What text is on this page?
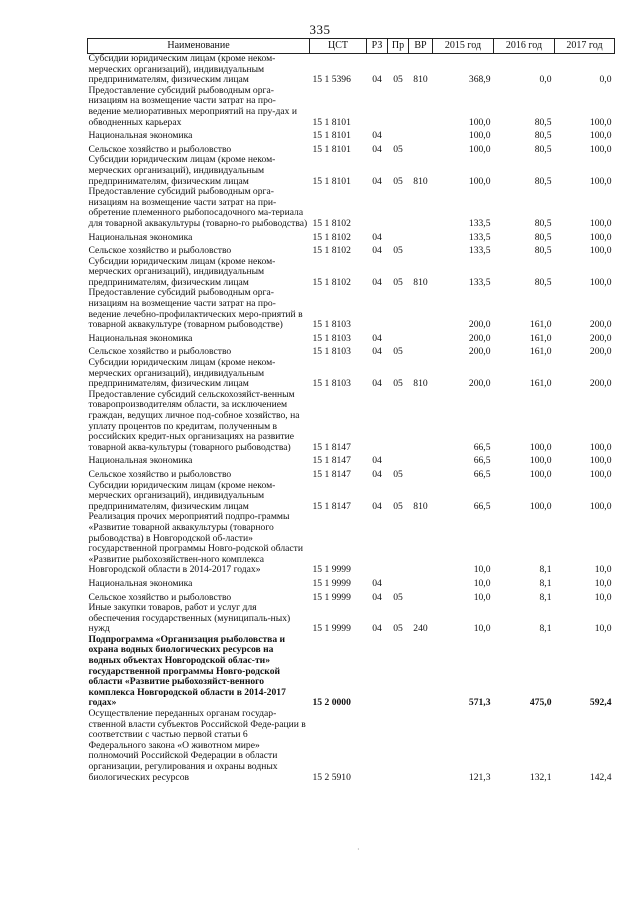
335
Наименование	ЦСТ	РЗ	Пр	ВР	2015 год	2016 год	2017 год
Субсидии юридическим лицам (кроме неком-мерческих организаций), индивидуальным предпринимателям, физическим лицам	15 1 5396	04	05	810	368,9	0,0	0,0
Предоставление субсидий рыбоводным орга-низациям на возмещение части затрат на про-ведение мелиоративных мероприятий на пру-дах и обводненных карьерах	15 1 8101				100,0	80,5	100,0
Национальная экономика	15 1 8101	04			100,0	80,5	100,0
Сельское хозяйство и рыболовство	15 1 8101	04	05		100,0	80,5	100,0
Субсидии юридическим лицам (кроме неком-мерческих организаций), индивидуальным предпринимателям, физическим лицам	15 1 8101	04	05	810	100,0	80,5	100,0
Предоставление субсидий рыбоводным орга-низациям на возмещение части затрат на при-обретение племенного рыбопосадочного ма-териала для товарной аквакультуры (товарно-го рыбоводства)	15 1 8102				133,5	80,5	100,0
Национальная экономика	15 1 8102	04			133,5	80,5	100,0
Сельское хозяйство и рыболовство	15 1 8102	04	05		133,5	80,5	100,0
Субсидии юридическим лицам (кроме неком-мерческих организаций), индивидуальным предпринимателям, физическим лицам	15 1 8102	04	05	810	133,5	80,5	100,0
Предоставление субсидий рыбоводным орга-низациям на возмещение части затрат на про-ведение лечебно-профилактических меро-приятий в товарной аквакультуре (товарном рыбоводстве)	15 1 8103				200,0	161,0	200,0
Национальная экономика	15 1 8103	04			200,0	161,0	200,0
Сельское хозяйство и рыболовство	15 1 8103	04	05		200,0	161,0	200,0
Субсидии юридическим лицам (кроме неком-мерческих организаций), индивидуальным предпринимателям, физическим лицам	15 1 8103	04	05	810	200,0	161,0	200,0
Предоставление субсидий сельскохозяйст-венным товаропроизводителям области, за исключением граждан, ведущих личное под-собное хозяйство, на уплату процентов по кредитам, полученным в российских кредит-ных организациях на развитие товарной аква-культуры (товарного рыбоводства)	15 1 8147				66,5	100,0	100,0
Национальная экономика	15 1 8147	04			66,5	100,0	100,0
Сельское хозяйство и рыболовство	15 1 8147	04	05		66,5	100,0	100,0
Субсидии юридическим лицам (кроме неком-мерческих организаций), индивидуальным предпринимателям, физическим лицам	15 1 8147	04	05	810	66,5	100,0	100,0
Реализация прочих мероприятий подпро-граммы «Развитие товарной аквакультуры (товарного рыбоводства) в Новгородской об-ласти» государственной программы Новго-родской области «Развитие рыбохозяйствен-ного комплекса Новгородской области в 2014-2017 годах»	15 1 9999				10,0	8,1	10,0
Национальная экономика	15 1 9999	04			10,0	8,1	10,0
Сельское хозяйство и рыболовство	15 1 9999	04	05		10,0	8,1	10,0
Иные закупки товаров, работ и услуг для обеспечения государственных (муниципаль-ных) нужд	15 1 9999	04	05	240	10,0	8,1	10,0
Подпрограмма «Организация рыболовства и охрана водных биологических ресурсов на водных объектах Новгородской облас-ти» государственной программы Новго-родской области «Развитие рыбохозяйст-венного комплекса Новгородской области в 2014-2017 годах»	15 2 0000				571,3	475,0	592,4
Осуществление переданных органам государ-ственной власти субъектов Российской Феде-рации в соответствии с частью первой статьи 6 Федерального закона «О животном мире» полномочий Российской Федерации в области организации, регулирования и охраны водных биологических ресурсов	15 2 5910				121,3	132,1	142,4
·
